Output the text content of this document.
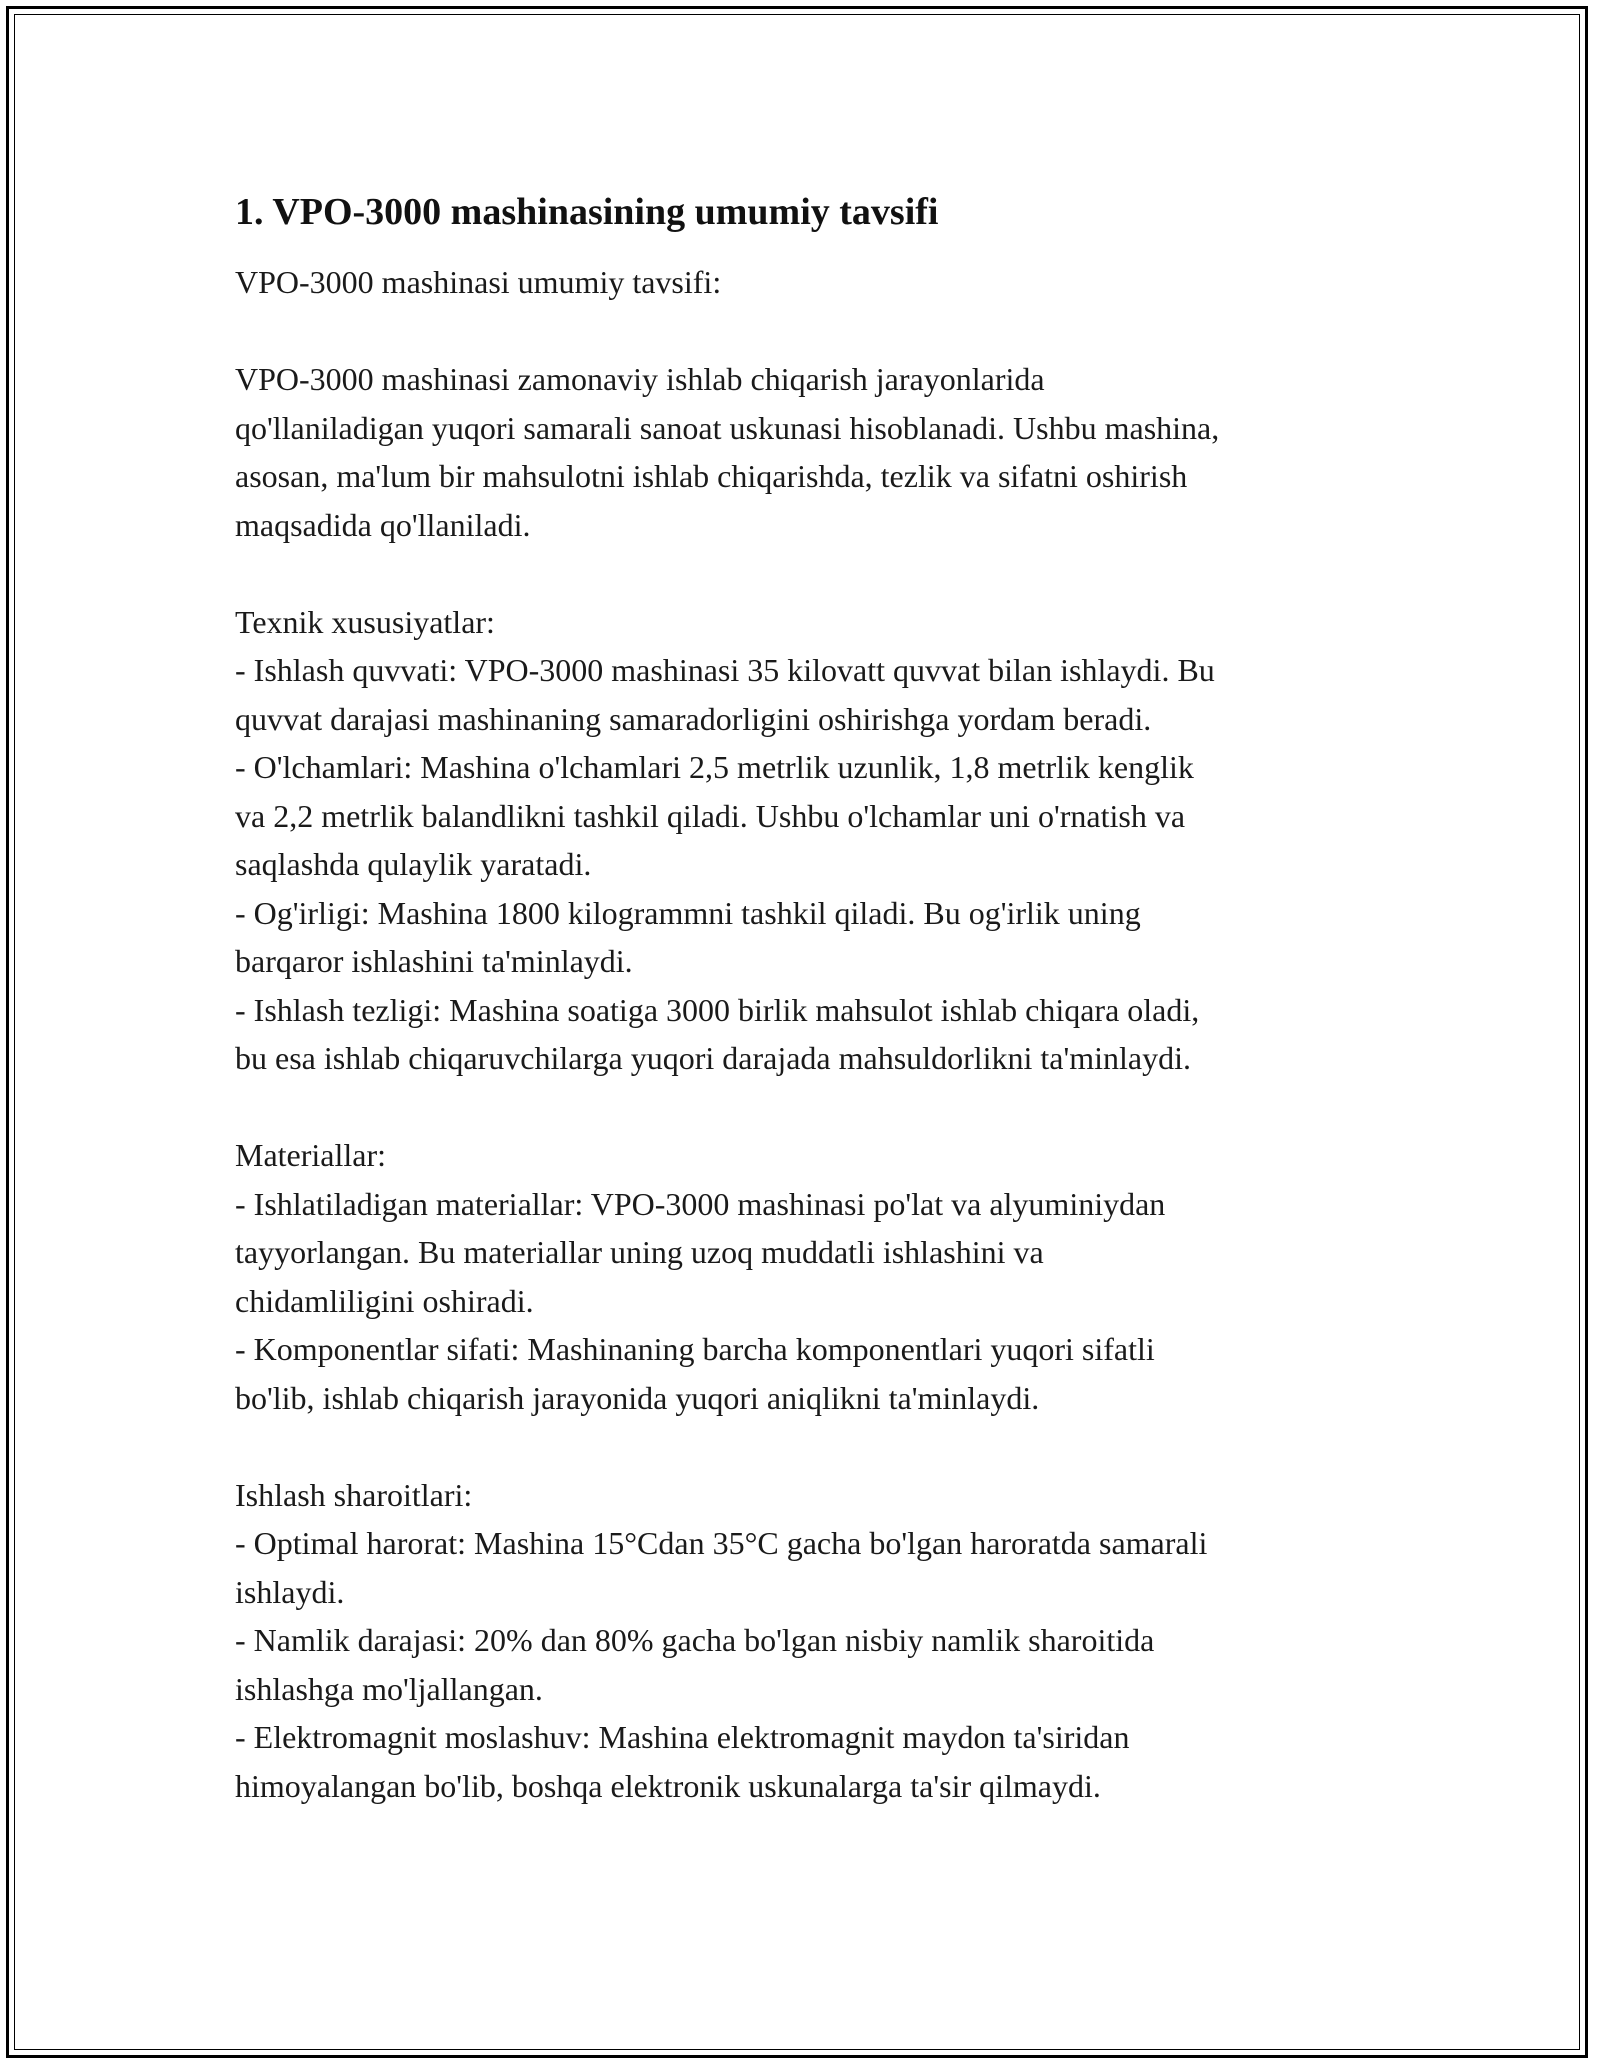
1. VPO-3000 mashinasining umumiy tavsifi
VPO-3000 mashinasi umumiy tavsifi:
VPO-3000 mashinasi zamonaviy ishlab chiqarish jarayonlarida
qo'llaniladigan yuqori samarali sanoat uskunasi hisoblanadi. Ushbu mashina,
asosan, ma'lum bir mahsulotni ishlab chiqarishda, tezlik va sifatni oshirish
maqsadida qo'llaniladi.
Texnik xususiyatlar:
- Ishlash quvvati: VPO-3000 mashinasi 35 kilovatt quvvat bilan ishlaydi. Bu
quvvat darajasi mashinaning samaradorligini oshirishga yordam beradi.
- O'lchamlari: Mashina o'lchamlari 2,5 metrlik uzunlik, 1,8 metrlik kenglik
va 2,2 metrlik balandlikni tashkil qiladi. Ushbu o'lchamlar uni o'rnatish va
saqlashda qulaylik yaratadi.
- Og'irligi: Mashina 1800 kilogrammni tashkil qiladi. Bu og'irlik uning
barqaror ishlashini ta'minlaydi.
- Ishlash tezligi: Mashina soatiga 3000 birlik mahsulot ishlab chiqara oladi,
bu esa ishlab chiqaruvchilarga yuqori darajada mahsuldorlikni ta'minlaydi.
Materiallar:
- Ishlatiladigan materiallar: VPO-3000 mashinasi po'lat va alyuminiydan
tayyorlangan. Bu materiallar uning uzoq muddatli ishlashini va
chidamliligini oshiradi.
- Komponentlar sifati: Mashinaning barcha komponentlari yuqori sifatli
bo'lib, ishlab chiqarish jarayonida yuqori aniqlikni ta'minlaydi.
Ishlash sharoitlari:
- Optimal harorat: Mashina 15°Cdan 35°C gacha bo'lgan haroratda samarali
ishlaydi.
- Namlik darajasi: 20% dan 80% gacha bo'lgan nisbiy namlik sharoitida
ishlashga mo'ljallangan.
- Elektromagnit moslashuv: Mashina elektromagnit maydon ta'siridan
himoyalangan bo'lib, boshqa elektronik uskunalarga ta'sir qilmaydi.
